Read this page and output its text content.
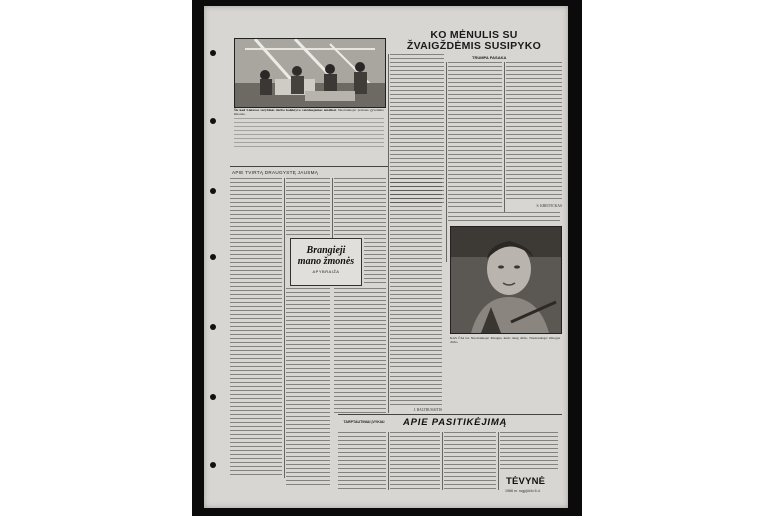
Šis kad Lietuvos tarybinės darbo kolektyvo vaizduojamas teisiškai. Nuotraukoje: įvairaus gyvenimo žmonės.
KO MĖNULIS SU
ŽVAIGŽDĖMIS SUSIPYKO
TRUMPA PASAKA
S. KREIVICKAS
APIE TVIRTĄ DRAUGYSTĘ JAUSMĄ
Brangieji
mano žmonės
APYBRAIŽA
J. BALTRUŠAITIS
KAS ČIA tai. Nuotraukoje: žmogus, kuris daug dirbo. Nuotraukoje: žmogus dirbo.
TARPTAUTINIAI ĮVYKIAI	APIE PASITIKĖJIMĄ
TĖVYNĖ
1966 m. rugpjūčio 6 d.
